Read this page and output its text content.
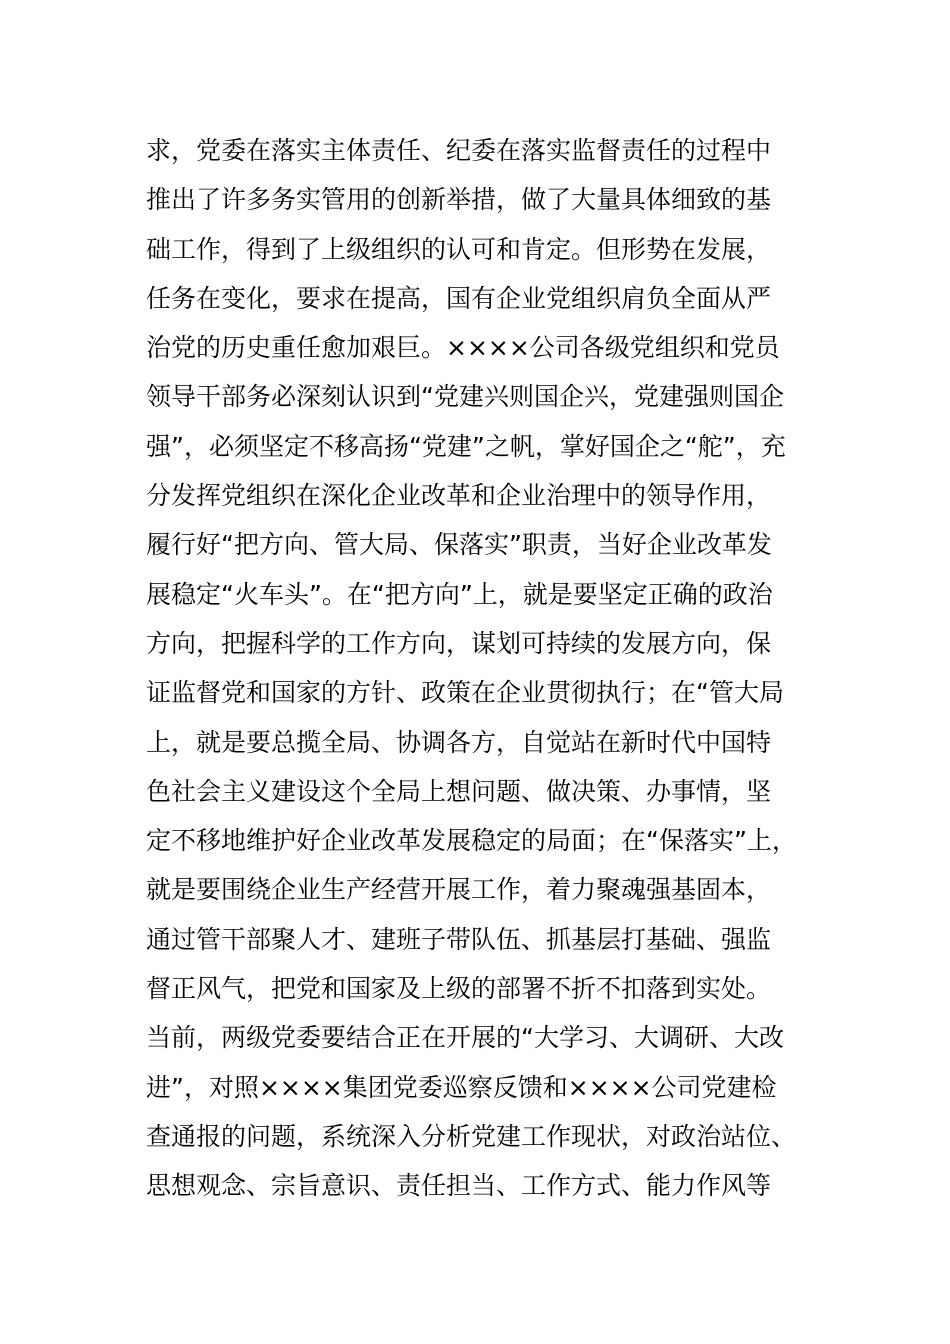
求，党委在落实主体责任、纪委在落实监督责任的过程中
推出了许多务实管用的创新举措，做了大量具体细致的基
础工作，得到了上级组织的认可和肯定。但形势在发展，
任务在变化，要求在提高，国有企业党组织肩负全面从严
治党的历史重任愈加艰巨。××××公司各级党组织和党员
领导干部务必深刻认识到“党建兴则国企兴，党建强则国企
强”，必须坚定不移高扬“党建”之帆，掌好国企之“舵”，充
分发挥党组织在深化企业改革和企业治理中的领导作用，
履行好“把方向、管大局、保落实”职责，当好企业改革发
展稳定“火车头”。在“把方向”上，就是要坚定正确的政治
方向，把握科学的工作方向，谋划可持续的发展方向，保
证监督党和国家的方针、政策在企业贯彻执行；在“管大局
上，就是要总揽全局、协调各方，自觉站在新时代中国特
色社会主义建设这个全局上想问题、做决策、办事情，坚
定不移地维护好企业改革发展稳定的局面；在“保落实”上，
就是要围绕企业生产经营开展工作，着力聚魂强基固本，
通过管干部聚人才、建班子带队伍、抓基层打基础、强监
督正风气，把党和国家及上级的部署不折不扣落到实处。
当前，两级党委要结合正在开展的“大学习、大调研、大改
进”，对照××××集团党委巡察反馈和××××公司党建检
查通报的问题，系统深入分析党建工作现状，对政治站位、
思想观念、宗旨意识、责任担当、工作方式、能力作风等
